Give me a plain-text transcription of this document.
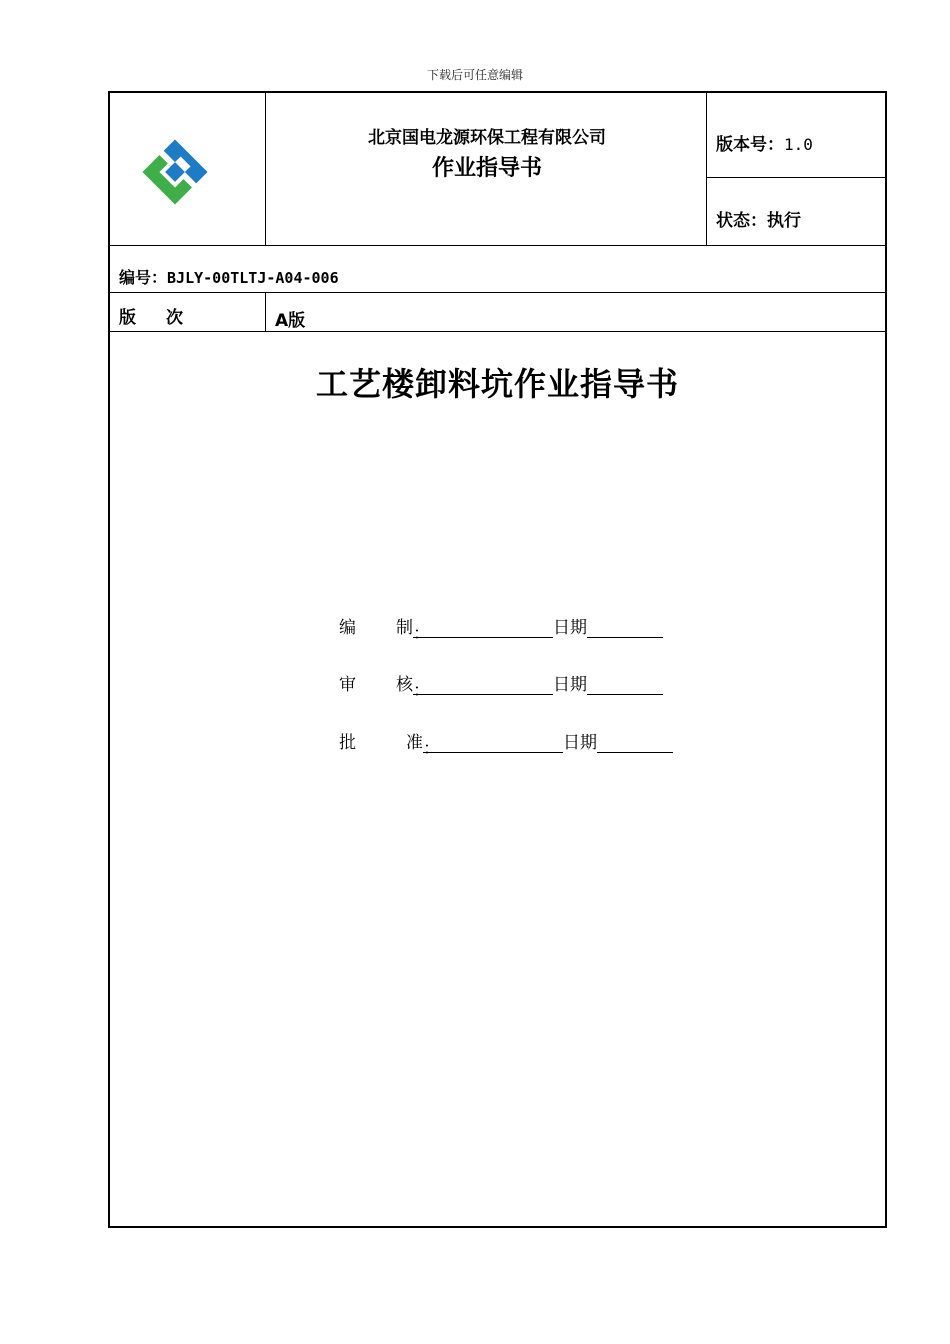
下载后可任意编辑
北京国电龙源环保工程有限公司
作业指导书
版本号：1.0
状态：执行
编号：BJLY-00TLTJ-A04-006
版 次	A版
工艺楼卸料坑作业指导书
编 制：	日期
审 核：	日期
批	准：	日期
